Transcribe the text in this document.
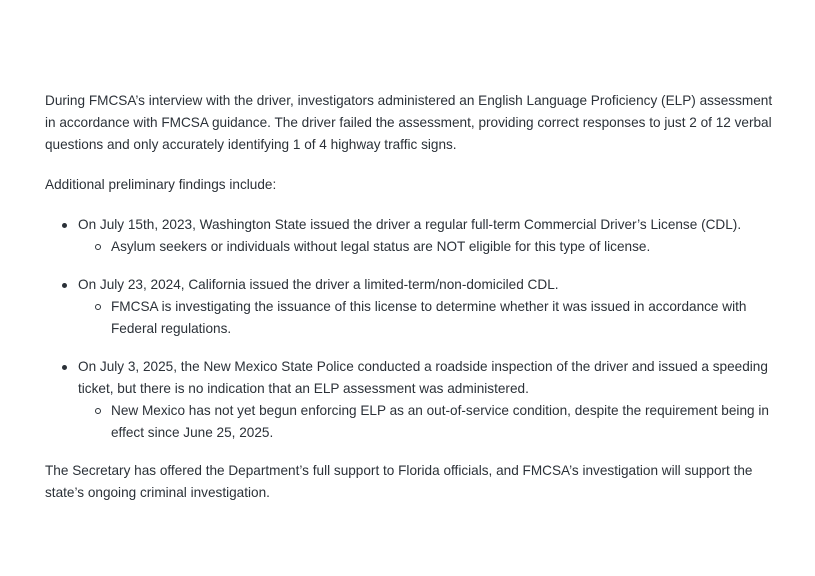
During FMCSA’s interview with the driver, investigators administered an English Language Proficiency (ELP) assessment in accordance with FMCSA guidance. The driver failed the assessment, providing correct responses to just 2 of 12 verbal questions and only accurately identifying 1 of 4 highway traffic signs.

Additional preliminary findings include:

On July 15th, 2023, Washington State issued the driver a regular full-term Commercial Driver’s License (CDL).
Asylum seekers or individuals without legal status are NOT eligible for this type of license.
On July 23, 2024, California issued the driver a limited-term/non-domiciled CDL.
FMCSA is investigating the issuance of this license to determine whether it was issued in accordance with Federal regulations.
On July 3, 2025, the New Mexico State Police conducted a roadside inspection of the driver and issued a speeding ticket, but there is no indication that an ELP assessment was administered.
New Mexico has not yet begun enforcing ELP as an out-of-service condition, despite the requirement being in effect since June 25, 2025.

The Secretary has offered the Department’s full support to Florida officials, and FMCSA’s investigation will support the state’s ongoing criminal investigation.
